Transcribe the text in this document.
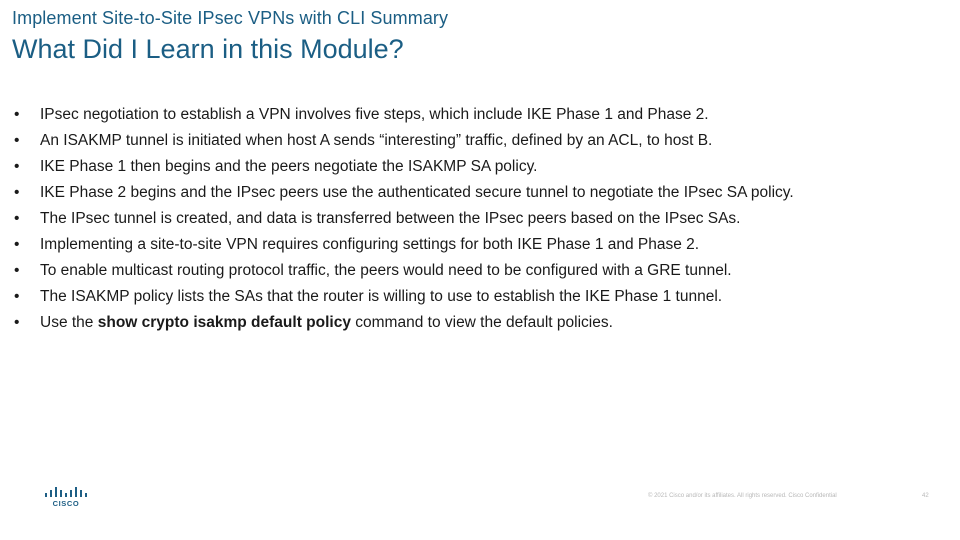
Implement Site-to-Site IPsec VPNs with CLI Summary
What Did I Learn in this Module?
• IPsec negotiation to establish a VPN involves five steps, which include IKE Phase 1 and Phase 2.
• An ISAKMP tunnel is initiated when host A sends “interesting” traffic, defined by an ACL, to host B.
• IKE Phase 1 then begins and the peers negotiate the ISAKMP SA policy.
• IKE Phase 2 begins and the IPsec peers use the authenticated secure tunnel to negotiate the IPsec SA policy.
• The IPsec tunnel is created, and data is transferred between the IPsec peers based on the IPsec SAs.
• Implementing a site-to-site VPN requires configuring settings for both IKE Phase 1 and Phase 2.
• To enable multicast routing protocol traffic, the peers would need to be configured with a GRE tunnel.
• The ISAKMP policy lists the SAs that the router is willing to use to establish the IKE Phase 1 tunnel.
• Use the show crypto isakmp default policy command to view the default policies.
CISCO
© 2021 Cisco and/or its affiliates. All rights reserved. Cisco Confidential	42
